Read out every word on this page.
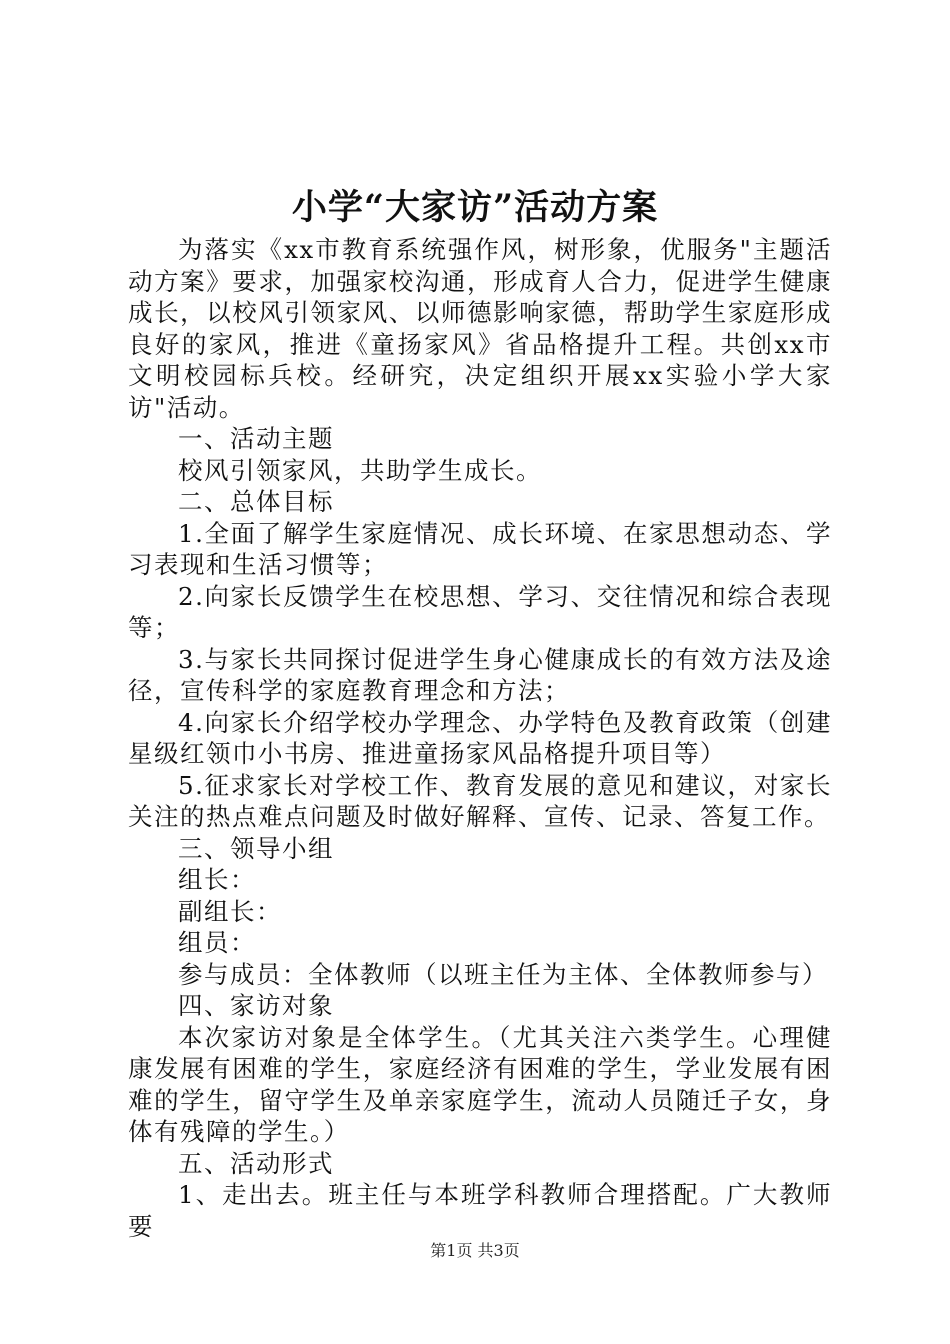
小学“大家访”活动方案

为落实《xx市教育系统强作风，树形象，优服务"主题活动方案》要求，加强家校沟通，形成育人合力，促进学生健康成长，以校风引领家风、以师德影响家德，帮助学生家庭形成良好的家风，推进《童扬家风》省品格提升工程。共创xx市文明校园标兵校。经研究，决定组织开展xx实验小学大家访"活动。

一、活动主题

校风引领家风，共助学生成长。

二、总体目标

1.全面了解学生家庭情况、成长环境、在家思想动态、学习表现和生活习惯等；

2.向家长反馈学生在校思想、学习、交往情况和综合表现等；

3.与家长共同探讨促进学生身心健康成长的有效方法及途径，宣传科学的家庭教育理念和方法；

4.向家长介绍学校办学理念、办学特色及教育政策（创建星级红领巾小书房、推进童扬家风品格提升项目等）

5.征求家长对学校工作、教育发展的意见和建议，对家长关注的热点难点问题及时做好解释、宣传、记录、答复工作。

三、领导小组

组长：

副组长：

组员：

参与成员：全体教师（以班主任为主体、全体教师参与）

四、家访对象

本次家访对象是全体学生。（尤其关注六类学生。心理健康发展有困难的学生，家庭经济有困难的学生，学业发展有困难的学生，留守学生及单亲家庭学生，流动人员随迁子女，身体有残障的学生。）

五、活动形式

1、走出去。班主任与本班学科教师合理搭配。广大教师要

第1页 共3页
